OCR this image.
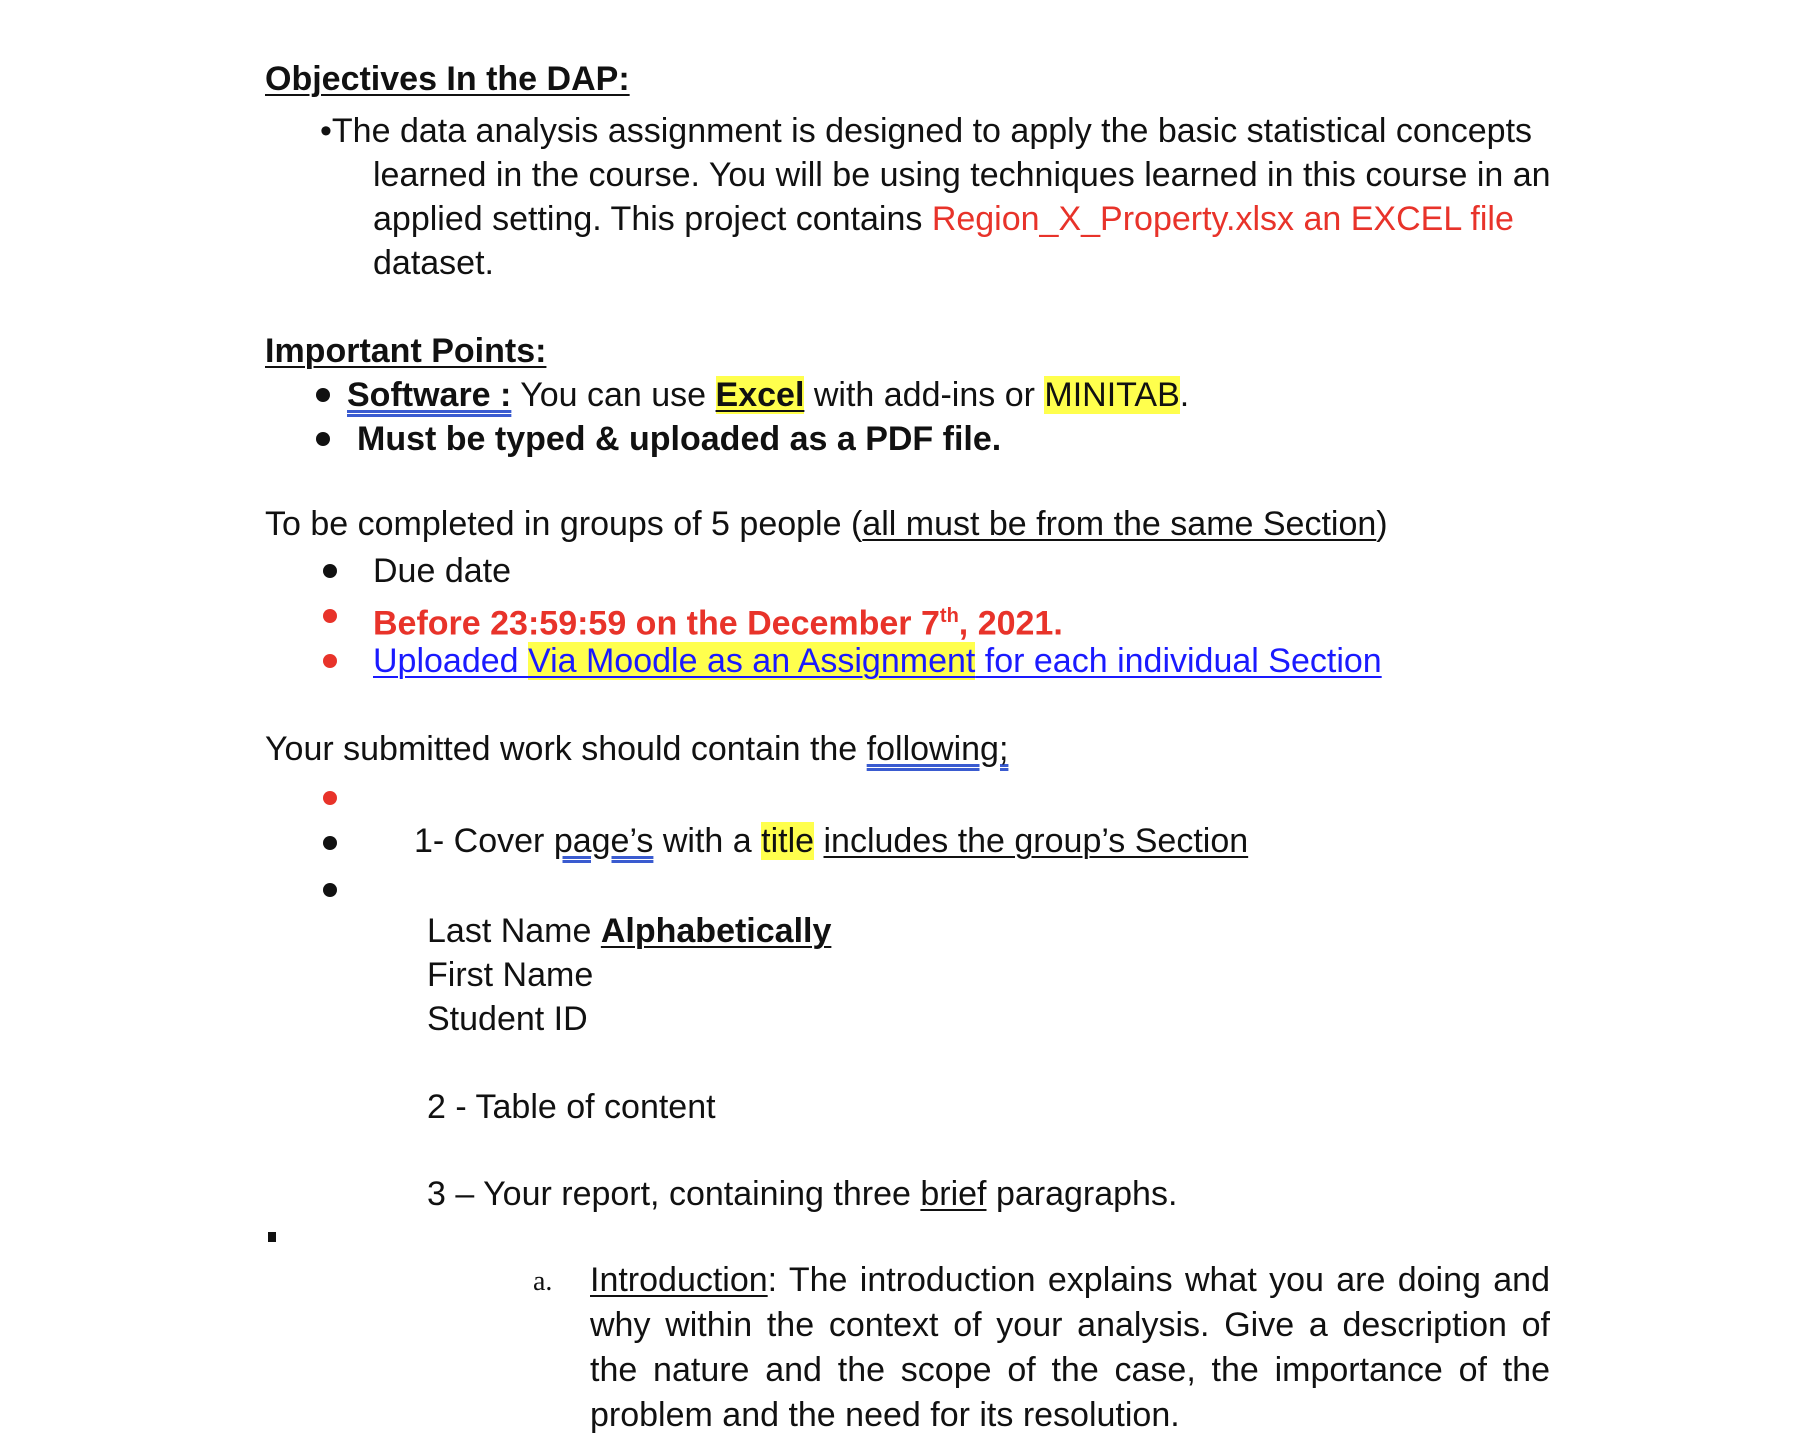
Objectives In the DAP:
•The data analysis assignment is designed to apply the basic statistical concepts
learned in the course. You will be using techniques learned in this course in an
applied setting. This project contains Region_X_Property.xlsx an EXCEL file
dataset.
Important Points:
Software : You can use Excel with add-ins or MINITAB.
Must be typed & uploaded as a PDF file.
To be completed in groups of 5 people (all must be from the same Section)
Due date
Before 23:59:59 on the December 7th, 2021.
Uploaded Via Moodle as an Assignment for each individual Section
Your submitted work should contain the following;
1- Cover page’s with a title includes the group’s Section
Last Name Alphabetically
First Name
Student ID
2 - Table of content
3 – Your report, containing three brief paragraphs.
a. Introduction: The introduction explains what you are doing and why within the context of your analysis. Give a description of the nature and the scope of the case, the importance of the problem and the need for its resolution.
